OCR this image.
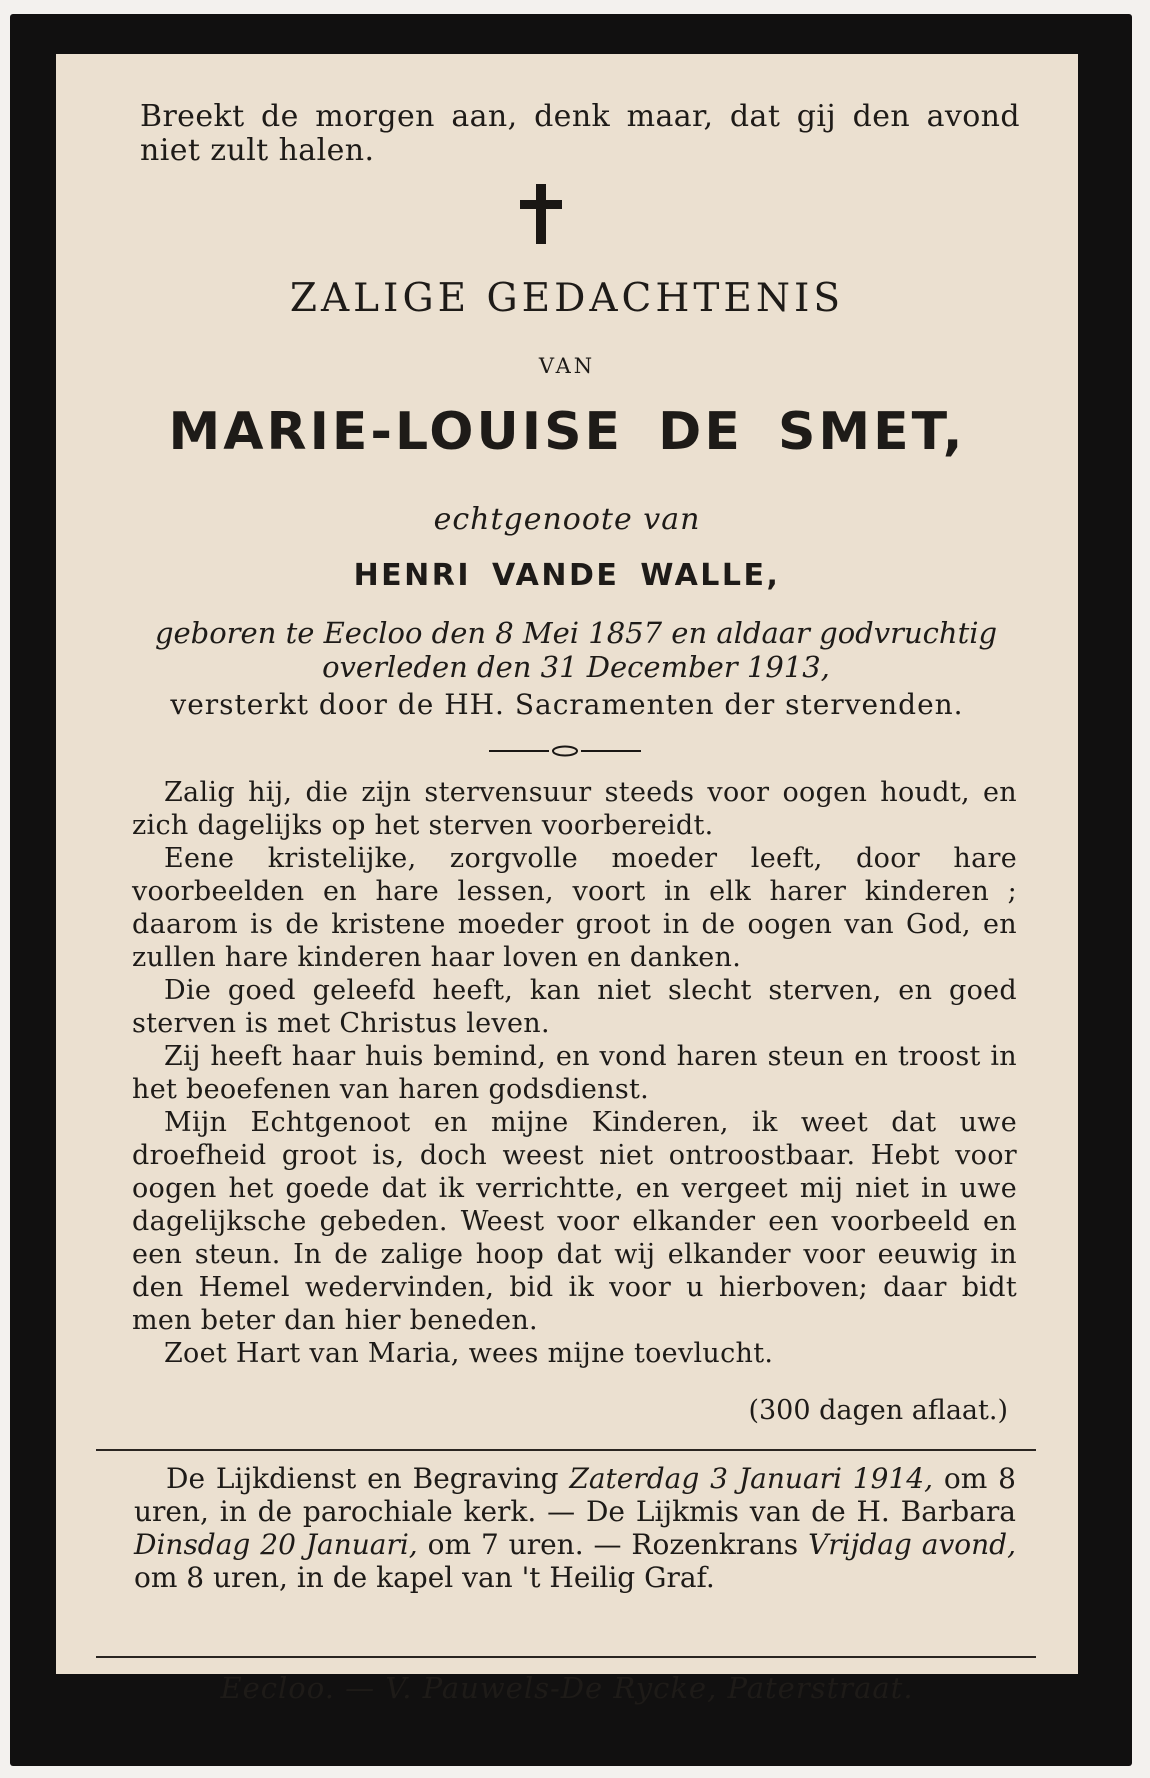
Breekt de morgen aan, denk maar, dat gij den avond niet zult halen.

ZALIGE GEDACHTENIS
VAN
MARIE-LOUISE DE SMET,
echtgenoote van
HENRI VANDE WALLE,
geboren te Eecloo den 8 Mei 1857 en aldaar godvruchtig overleden den 31 December 1913,
versterkt door de HH. Sacramenten der stervenden.

Zalig hij, die zijn stervensuur steeds voor oogen houdt, en zich dagelijks op het sterven voorbereidt.

Eene kristelijke, zorgvolle moeder leeft, door hare voorbeelden en hare lessen, voort in elk harer kinderen ; daarom is de kristene moeder groot in de oogen van God, en zullen hare kinderen haar loven en danken.

Die goed geleefd heeft, kan niet slecht sterven, en goed sterven is met Christus leven.

Zij heeft haar huis bemind, en vond haren steun en troost in het beoefenen van haren godsdienst.

Mijn Echtgenoot en mijne Kinderen, ik weet dat uwe droefheid groot is, doch weest niet ontroostbaar. Hebt voor oogen het goede dat ik verrichtte, en vergeet mij niet in uwe dagelijksche gebeden. Weest voor elkander een voorbeeld en een steun. In de zalige hoop dat wij elkander voor eeuwig in den Hemel wedervinden, bid ik voor u hierboven; daar bidt men beter dan hier beneden.

Zoet Hart van Maria, wees mijne toevlucht.

(300 dagen aflaat.)

De Lijkdienst en Begraving Zaterdag 3 Januari 1914, om 8 uren, in de parochiale kerk. — De Lijkmis van de H. Barbara Dinsdag 20 Januari, om 7 uren. — Rozenkrans Vrijdag avond, om 8 uren, in de kapel van 't Heilig Graf.

Eecloo. — V. Pauwels-De Rycke, Paterstraat.
